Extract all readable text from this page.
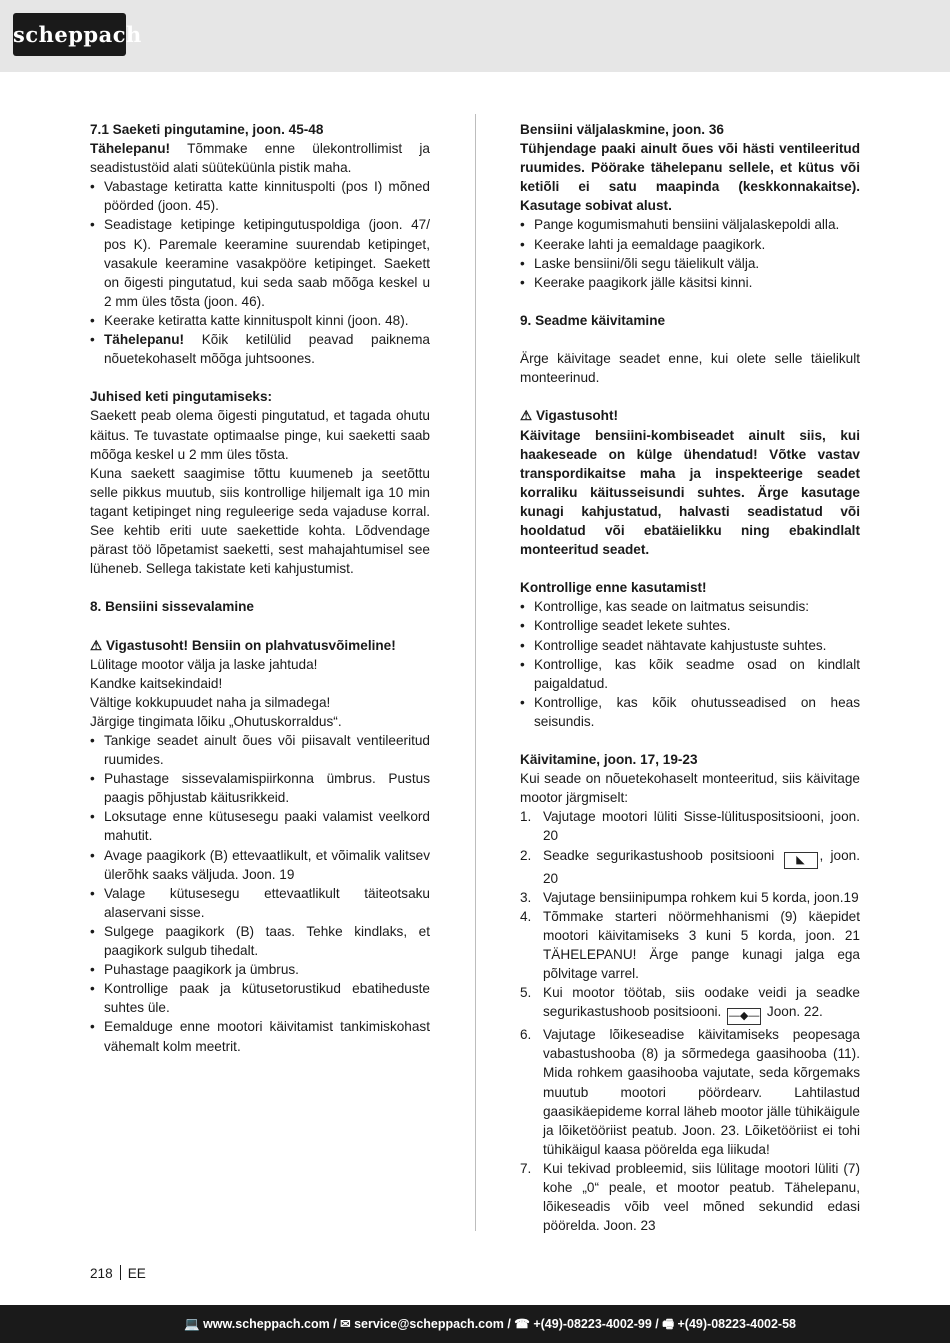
scheppach

7.1 Saeketi pingutamine, joon. 45-48

Tähelepanu! Tõmmake enne ülekontrollimist ja seadistustöid alati süüteküünla pistik maha.

• Vabastage ketiratta katte kinnituspolti (pos I) mõned pöörded (joon. 45).
• Seadistage ketipinge ketipingutuspoldiga (joon. 47/ pos K). Paremale keeramine suurendab ketipinget, vasakule keeramine vasakpööre ketipinget. Saekett on õigesti pingutatud, kui seda saab mõõga keskel u 2 mm üles tõsta (joon. 46).
• Keerake ketiratta katte kinnituspolt kinni (joon. 48).
• Tähelepanu! Kõik ketilülid peavad paiknema nõuetekohaselt mõõga juhtsoones.

Juhised keti pingutamiseks:

Saekett peab olema õigesti pingutatud, et tagada ohutu käitus. Te tuvastate optimaalse pinge, kui saeketti saab mõõga keskel u 2 mm üles tõsta.

Kuna saekett saagimise tõttu kuumeneb ja seetõttu selle pikkus muutub, siis kontrollige hiljemalt iga 10 min tagant ketipinget ning reguleerige seda vajaduse korral. See kehtib eriti uute saekettide kohta. Lõdvendage pärast töö lõpetamist saeketti, sest mahajahtumisel see lüheneb. Sellega takistate keti kahjustumist.

8. Bensiini sissevalamine

⚠ Vigastusoht! Bensiin on plahvatusvõimeline!

Lülitage mootor välja ja laske jahtuda!

Kandke kaitsekindaid!

Vältige kokkupuudet naha ja silmadega!

Järgige tingimata lõiku „Ohutuskorraldus“.

• Tankige seadet ainult õues või piisavalt ventileeritud ruumides.
• Puhastage sissevalamispiirkonna ümbrus. Pustus paagis põhjustab käitusrikkeid.
• Loksutage enne kütusesegu paaki valamist veelkord mahutit.
• Avage paagikork (B) ettevaatlikult, et võimalik valitsev ülerõhk saaks väljuda. Joon. 19
• Valage kütusesegu ettevaatlikult täiteotsaku alaservani sisse.
• Sulgege paagikork (B) taas. Tehke kindlaks, et paagikork sulgub tihedalt.
• Puhastage paagikork ja ümbrus.
• Kontrollige paak ja kütusetorustikud ebatiheduste suhtes üle.
• Eemalduge enne mootori käivitamist tankimiskohast vähemalt kolm meetrit.

Bensiini väljalaskmine, joon. 36

Tühjendage paaki ainult õues või hästi ventileeritud ruumides. Pöörake tähelepanu sellele, et kütus või ketiõli ei satu maapinda (keskkonnakaitse). Kasutage sobivat alust.

• Pange kogumismahuti bensiini väljalaskepoldi alla.
• Keerake lahti ja eemaldage paagikork.
• Laske bensiini/õli segu täielikult välja.
• Keerake paagikork jälle käsitsi kinni.

9. Seadme käivitamine

Ärge käivitage seadet enne, kui olete selle täielikult monteerinud.

⚠ Vigastusoht!

Käivitage bensiini-kombiseadet ainult siis, kui haakeseade on külge ühendatud! Võtke vastav transpordikaitse maha ja inspekteerige seadet korraliku käitusseisundi suhtes. Ärge kasutage kunagi kahjustatud, halvasti seadistatud või hooldatud või ebatäielikku ning ebakindlalt monteeritud seadet.

Kontrollige enne kasutamist!

• Kontrollige, kas seade on laitmatus seisundis:
• Kontrollige seadet lekete suhtes.
• Kontrollige seadet nähtavate kahjustuste suhtes.
• Kontrollige, kas kõik seadme osad on kindlalt paigaldatud.
• Kontrollige, kas kõik ohutusseadised on heas seisundis.

Käivitamine, joon. 17, 19-23

Kui seade on nõuetekohaselt monteeritud, siis käivitage mootor järgmiselt:

1. Vajutage mootori lüliti Sisse-lülituspositsiooni, joon. 20
2. Seadke segurikastushoob positsiooni ◣ , joon. 20
3. Vajutage bensiinipumpa rohkem kui 5 korda, joon.19
4. Tõmmake starteri nöörmehhanismi (9) käepidet mootori käivitamiseks 3 kuni 5 korda, joon. 21 TÄHELEPANU! Ärge pange kunagi jalga ega põlvitage varrel.
5. Kui mootor töötab, siis oodake veidi ja seadke segurikastushoob positsiooni. —◆— Joon. 22.
6. Vajutage lõikeseadise käivitamiseks peopesaga vabastushooba (8) ja sõrmedega gaasihooba (11). Mida rohkem gaasihooba vajutate, seda kõrgemaks muutub mootori pöördearv. Lahtilastud gaasikäepideme korral läheb mootor jälle tühikäigule ja lõiketööriist peatub. Joon. 23. Lõiketööriist ei tohi tühikäigul kaasa pöörelda ega liikuda!
7. Kui tekivad probleemid, siis lülitage mootori lüliti (7) kohe „0“ peale, et mootor peatub. Tähelepanu, lõikeseadis võib veel mõned sekundid edasi pöörelda. Joon. 23
218 EE
💻 www.scheppach.com / ✉ service@scheppach.com / ☎ +(49)-08223-4002-99 / 🖷 +(49)-08223-4002-58
